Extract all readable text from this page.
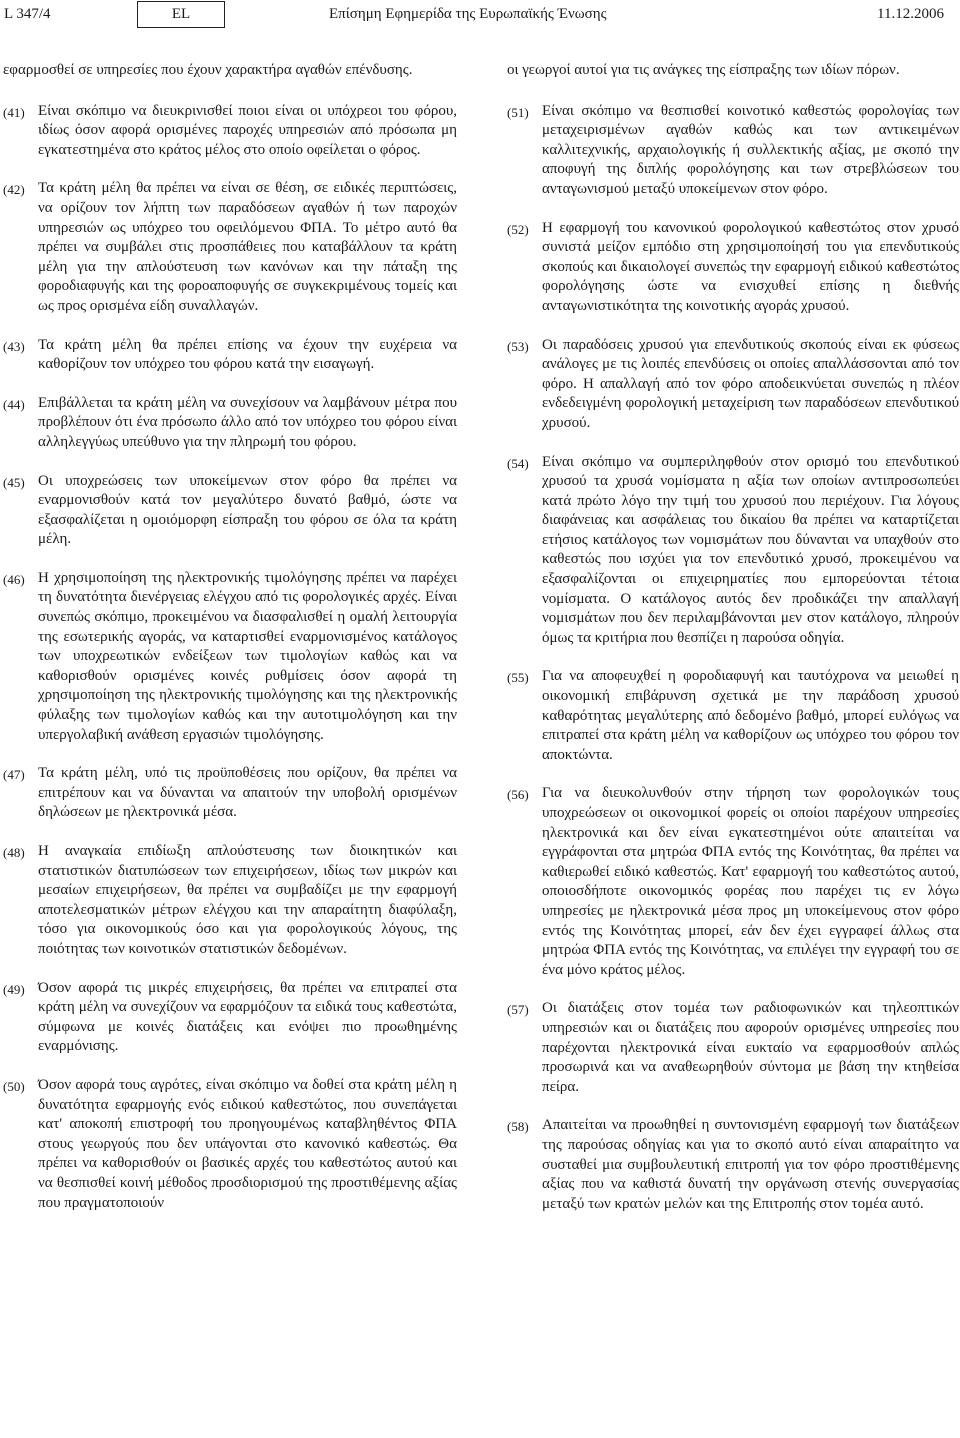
L 347/4	EL	Επίσημη Εφημερίδα της Ευρωπαϊκής Ένωσης	11.12.2006

εφαρμοσθεί σε υπηρεσίες που έχουν χαρακτήρα αγαθών επένδυσης.

(41) Είναι σκόπιμο να διευκρινισθεί ποιοι είναι οι υπόχρεοι του φόρου, ιδίως όσον αφορά ορισμένες παροχές υπηρεσιών από πρόσωπα μη εγκατεστημένα στο κράτος μέλος στο οποίο οφείλεται ο φόρος.
(42) Τα κράτη μέλη θα πρέπει να είναι σε θέση, σε ειδικές περιπτώσεις, να ορίζουν τον λήπτη των παραδόσεων αγαθών ή των παροχών υπηρεσιών ως υπόχρεο του οφειλόμενου ΦΠΑ. Το μέτρο αυτό θα πρέπει να συμβάλει στις προσπάθειες που καταβάλλουν τα κράτη μέλη για την απλούστευση των κανόνων και την πάταξη της φοροδιαφυγής και της φοροαποφυγής σε συγκεκριμένους τομείς και ως προς ορισμένα είδη συναλλαγών.
(43) Τα κράτη μέλη θα πρέπει επίσης να έχουν την ευχέρεια να καθορίζουν τον υπόχρεο του φόρου κατά την εισαγωγή.
(44) Επιβάλλεται τα κράτη μέλη να συνεχίσουν να λαμβάνουν μέτρα που προβλέπουν ότι ένα πρόσωπο άλλο από τον υπόχρεο του φόρου είναι αλληλεγγύως υπεύθυνο για την πληρωμή του φόρου.
(45) Οι υποχρεώσεις των υποκείμενων στον φόρο θα πρέπει να εναρμονισθούν κατά τον μεγαλύτερο δυνατό βαθμό, ώστε να εξασφαλίζεται η ομοιόμορφη είσπραξη του φόρου σε όλα τα κράτη μέλη.
(46) Η χρησιμοποίηση της ηλεκτρονικής τιμολόγησης πρέπει να παρέχει τη δυνατότητα διενέργειας ελέγχου από τις φορολογικές αρχές. Είναι συνεπώς σκόπιμο, προκειμένου να διασφαλισθεί η ομαλή λειτουργία της εσωτερικής αγοράς, να καταρτισθεί εναρμονισμένος κατάλογος των υποχρεωτικών ενδείξεων των τιμολογίων καθώς και να καθορισθούν ορισμένες κοινές ρυθμίσεις όσον αφορά τη χρησιμοποίηση της ηλεκτρονικής τιμολόγησης και της ηλεκτρονικής φύλαξης των τιμολογίων καθώς και την αυτοτιμολόγηση και την υπεργολαβική ανάθεση εργασιών τιμολόγησης.
(47) Τα κράτη μέλη, υπό τις προϋποθέσεις που ορίζουν, θα πρέπει να επιτρέπουν και να δύνανται να απαιτούν την υποβολή ορισμένων δηλώσεων με ηλεκτρονικά μέσα.
(48) Η αναγκαία επιδίωξη απλούστευσης των διοικητικών και στατιστικών διατυπώσεων των επιχειρήσεων, ιδίως των μικρών και μεσαίων επιχειρήσεων, θα πρέπει να συμβαδίζει με την εφαρμογή αποτελεσματικών μέτρων ελέγχου και την απαραίτητη διαφύλαξη, τόσο για οικονομικούς όσο και για φορολογικούς λόγους, της ποιότητας των κοινοτικών στατιστικών δεδομένων.
(49) Όσον αφορά τις μικρές επιχειρήσεις, θα πρέπει να επιτραπεί στα κράτη μέλη να συνεχίζουν να εφαρμόζουν τα ειδικά τους καθεστώτα, σύμφωνα με κοινές διατάξεις και ενόψει πιο προωθημένης εναρμόνισης.
(50) Όσον αφορά τους αγρότες, είναι σκόπιμο να δοθεί στα κράτη μέλη η δυνατότητα εφαρμογής ενός ειδικού καθεστώτος, που συνεπάγεται κατ' αποκοπή επιστροφή του προηγουμένως καταβληθέντος ΦΠΑ στους γεωργούς που δεν υπάγονται στο κανονικό καθεστώς. Θα πρέπει να καθορισθούν οι βασικές αρχές του καθεστώτος αυτού και να θεσπισθεί κοινή μέθοδος προσδιορισμού της προστιθέμενης αξίας που πραγματοποιούν

οι γεωργοί αυτοί για τις ανάγκες της είσπραξης των ιδίων πόρων.

(51) Είναι σκόπιμο να θεσπισθεί κοινοτικό καθεστώς φορολογίας των μεταχειρισμένων αγαθών καθώς και των αντικειμένων καλλιτεχνικής, αρχαιολογικής ή συλλεκτικής αξίας, με σκοπό την αποφυγή της διπλής φορολόγησης και των στρεβλώσεων του ανταγωνισμού μεταξύ υποκείμενων στον φόρο.
(52) Η εφαρμογή του κανονικού φορολογικού καθεστώτος στον χρυσό συνιστά μείζον εμπόδιο στη χρησιμοποίησή του για επενδυτικούς σκοπούς και δικαιολογεί συνεπώς την εφαρμογή ειδικού καθεστώτος φορολόγησης ώστε να ενισχυθεί επίσης η διεθνής ανταγωνιστικότητα της κοινοτικής αγοράς χρυσού.
(53) Οι παραδόσεις χρυσού για επενδυτικούς σκοπούς είναι εκ φύσεως ανάλογες με τις λοιπές επενδύσεις οι οποίες απαλλάσσονται από τον φόρο. Η απαλλαγή από τον φόρο αποδεικνύεται συνεπώς η πλέον ενδεδειγμένη φορολογική μεταχείριση των παραδόσεων επενδυτικού χρυσού.
(54) Είναι σκόπιμο να συμπεριληφθούν στον ορισμό του επενδυτικού χρυσού τα χρυσά νομίσματα η αξία των οποίων αντιπροσωπεύει κατά πρώτο λόγο την τιμή του χρυσού που περιέχουν. Για λόγους διαφάνειας και ασφάλειας του δικαίου θα πρέπει να καταρτίζεται ετήσιος κατάλογος των νομισμάτων που δύνανται να υπαχθούν στο καθεστώς που ισχύει για τον επενδυτικό χρυσό, προκειμένου να εξασφαλίζονται οι επιχειρηματίες που εμπορεύονται τέτοια νομίσματα. Ο κατάλογος αυτός δεν προδικάζει την απαλλαγή νομισμάτων που δεν περιλαμβάνονται μεν στον κατάλογο, πληρούν όμως τα κριτήρια που θεσπίζει η παρούσα οδηγία.
(55) Για να αποφευχθεί η φοροδιαφυγή και ταυτόχρονα να μειωθεί η οικονομική επιβάρυνση σχετικά με την παράδοση χρυσού καθαρότητας μεγαλύτερης από δεδομένο βαθμό, μπορεί ευλόγως να επιτραπεί στα κράτη μέλη να καθορίζουν ως υπόχρεο του φόρου τον αποκτώντα.
(56) Για να διευκολυνθούν στην τήρηση των φορολογικών τους υποχρεώσεων οι οικονομικοί φορείς οι οποίοι παρέχουν υπηρεσίες ηλεκτρονικά και δεν είναι εγκατεστημένοι ούτε απαιτείται να εγγράφονται στα μητρώα ΦΠΑ εντός της Κοινότητας, θα πρέπει να καθιερωθεί ειδικό καθεστώς. Κατ' εφαρμογή του καθεστώτος αυτού, οποιοσδήποτε οικονομικός φορέας που παρέχει τις εν λόγω υπηρεσίες με ηλεκτρονικά μέσα προς μη υποκείμενους στον φόρο εντός της Κοινότητας μπορεί, εάν δεν έχει εγγραφεί άλλως στα μητρώα ΦΠΑ εντός της Κοινότητας, να επιλέγει την εγγραφή του σε ένα μόνο κράτος μέλος.
(57) Οι διατάξεις στον τομέα των ραδιοφωνικών και τηλεοπτικών υπηρεσιών και οι διατάξεις που αφορούν ορισμένες υπηρεσίες που παρέχονται ηλεκτρονικά είναι ευκταίο να εφαρμοσθούν απλώς προσωρινά και να αναθεωρηθούν σύντομα με βάση την κτηθείσα πείρα.
(58) Απαιτείται να προωθηθεί η συντονισμένη εφαρμογή των διατάξεων της παρούσας οδηγίας και για το σκοπό αυτό είναι απαραίτητο να συσταθεί μια συμβουλευτική επιτροπή για τον φόρο προστιθέμενης αξίας που να καθιστά δυνατή την οργάνωση στενής συνεργασίας μεταξύ των κρατών μελών και της Επιτροπής στον τομέα αυτό.
